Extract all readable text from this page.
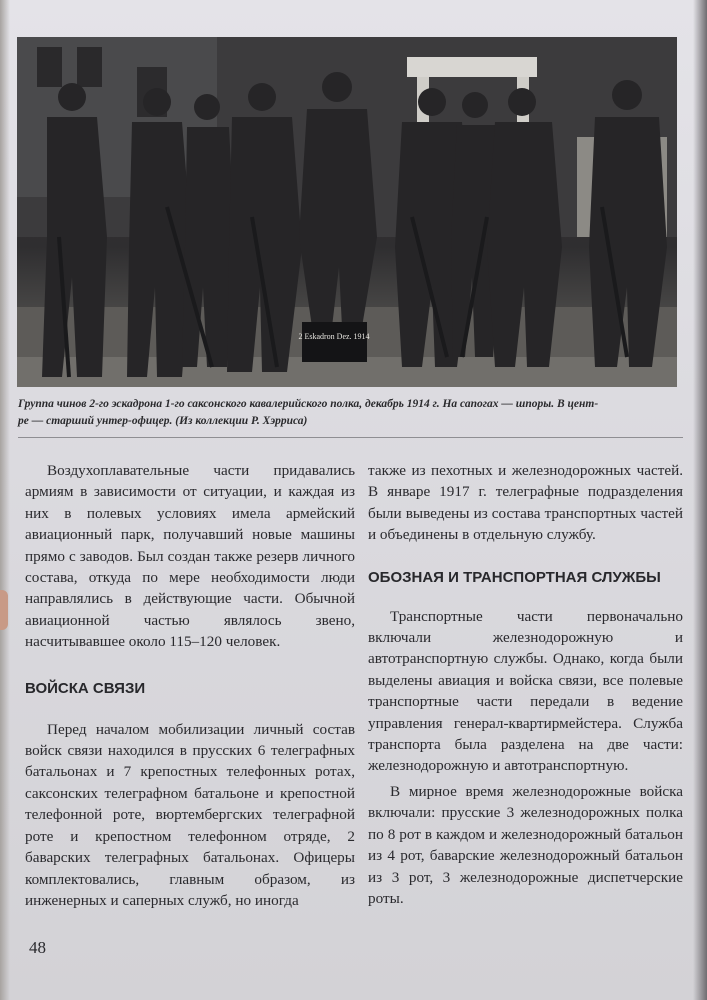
2 Eskadron Dez. 1914
Группа чинов 2-го эскадрона 1-го саксонского кавалерийского полка, декабрь 1914 г. На сапогах — шпоры. В цент-
ре — старший унтер-офицер. (Из коллекции Р. Хэрриса)

Воздухоплавательные части придавались армиям в зависимости от ситуации, и каждая из них в полевых условиях имела армейский авиационный парк, получавший новые машины прямо с заводов. Был создан также резерв личного состава, откуда по мере необходимости люди направлялись в действующие части. Обычной авиационной частью являлось звено, насчитывавшее около 115–120 человек.

ВОЙСКА СВЯЗИ

Перед началом мобилизации личный состав войск связи находился в прусских 6 телеграфных батальонах и 7 крепостных телефонных ротах, саксонских телеграфном батальоне и крепостной телефонной роте, вюртембергских телеграфной роте и крепостном телефонном отряде, 2 баварских телеграфных батальонах. Офицеры комплектовались, главным образом, из инженерных и саперных служб, но иногда

также из пехотных и железнодорожных частей. В январе 1917 г. телеграфные подразделения были выведены из состава транспортных частей и объединены в отдельную службу.

ОБОЗНАЯ И ТРАНСПОРТНАЯ СЛУЖБЫ

Транспортные части первоначально включали железнодорожную и автотранспортную службы. Однако, когда были выделены авиация и войска связи, все полевые транспортные части передали в ведение управления генерал-квартирмейстера. Служба транспорта была разделена на две части: железнодорожную и автотранспортную.

В мирное время железнодорожные войска включали: прусские 3 железнодорожных полка по 8 рот в каждом и железнодорожный батальон из 4 рот, баварские железнодорожный батальон из 3 рот, 3 железнодорожные диспетчерские роты.

48
